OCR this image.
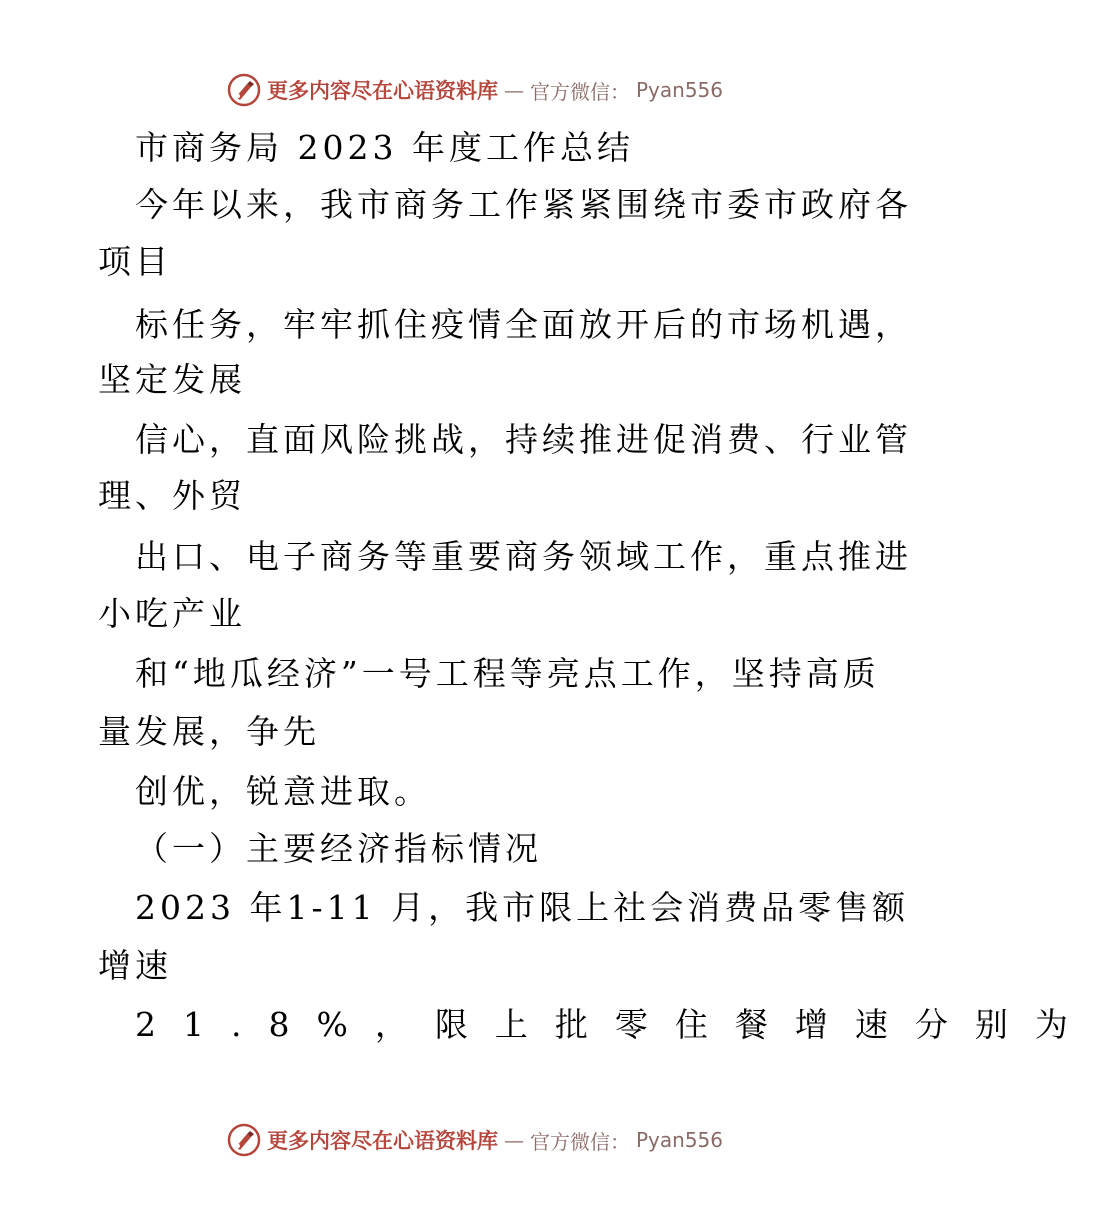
更多内容尽在心语资料库 — 官方微信： Pyan556
市商务局 2023 年度工作总结
今年以来，我市商务工作紧紧围绕市委市政府各
项目
标任务，牢牢抓住疫情全面放开后的市场机遇，
坚定发展
信心，直面风险挑战，持续推进促消费、行业管
理、外贸
出口、电子商务等重要商务领域工作，重点推进
小吃产业
和“地瓜经济”一号工程等亮点工作，坚持高质
量发展，争先
创优，锐意进取。
（一）主要经济指标情况
2023 年1-11 月，我市限上社会消费品零售额
增速
21.8%，限上批零住餐增速分别为
更多内容尽在心语资料库 — 官方微信： Pyan556
